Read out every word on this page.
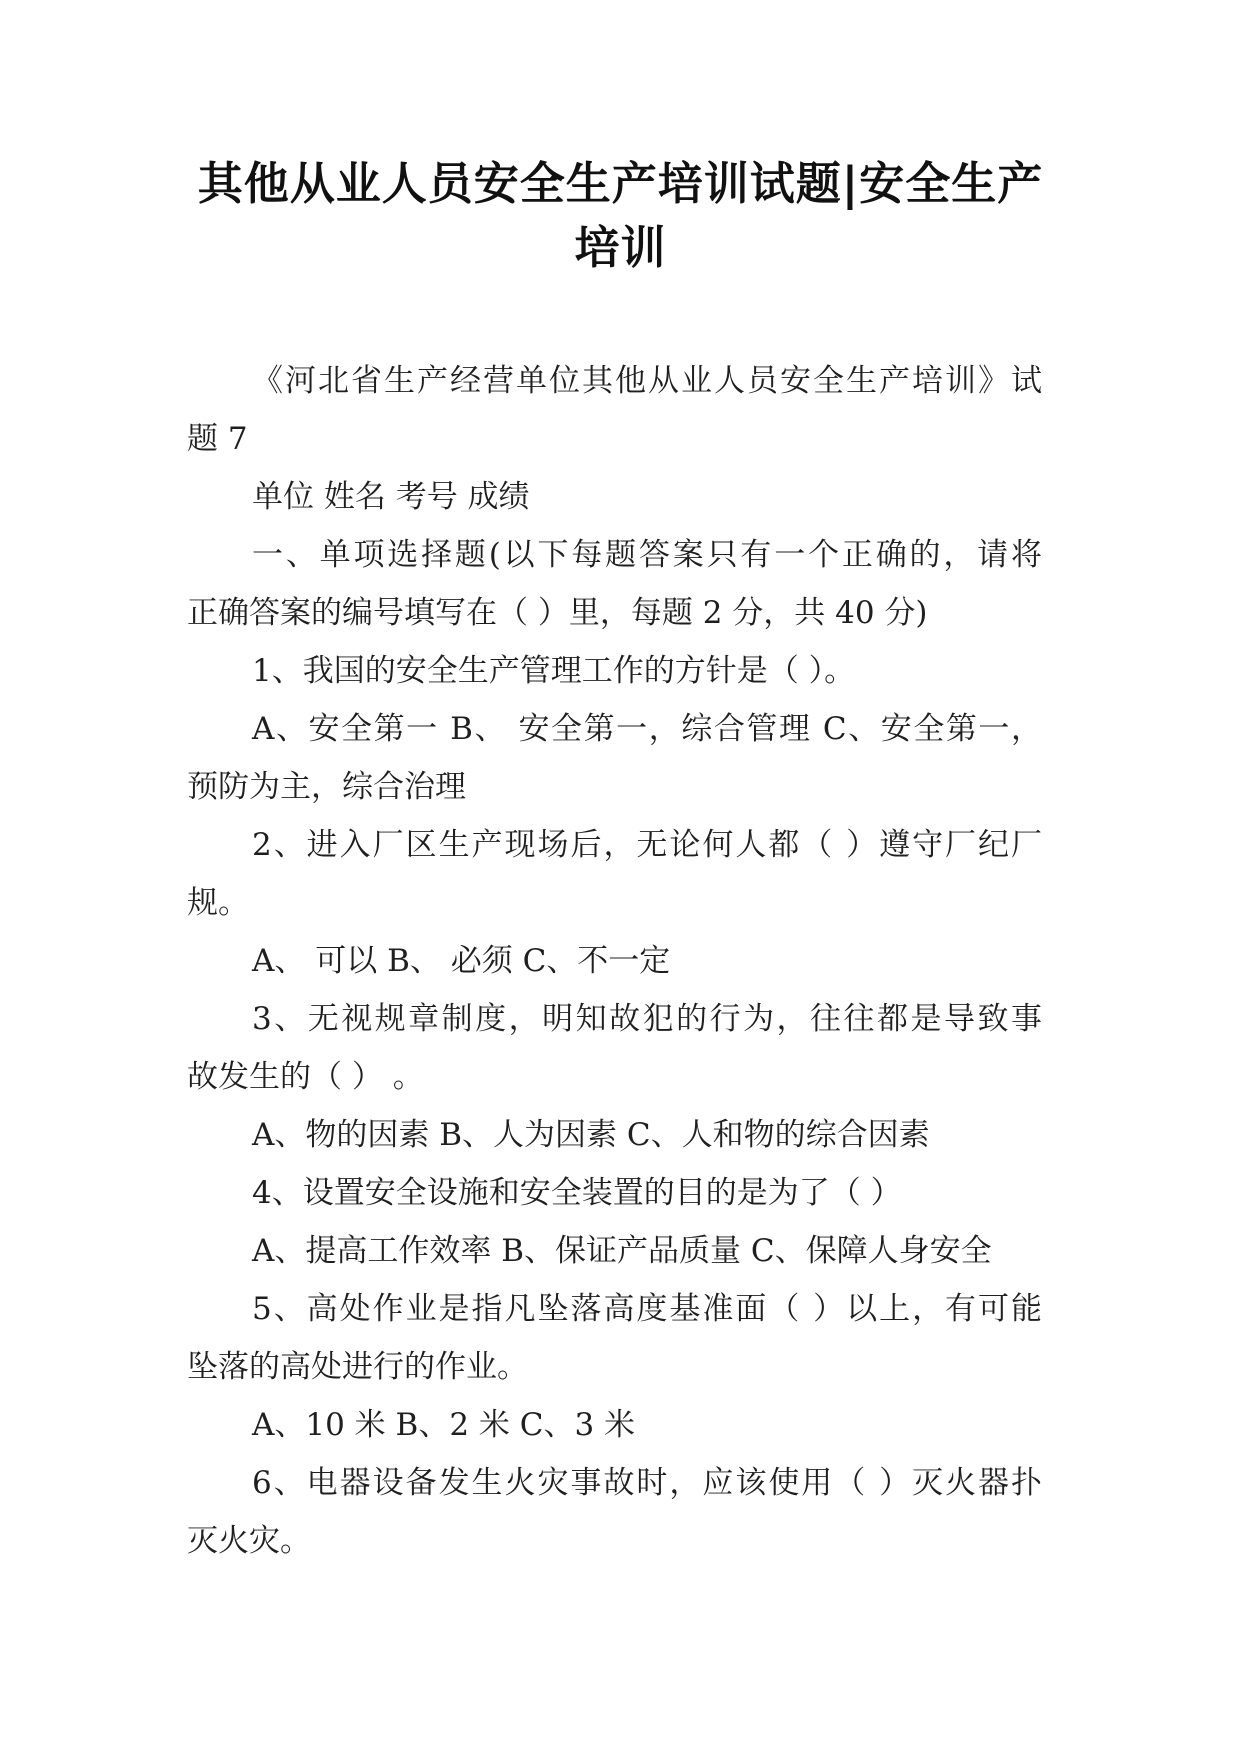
其他从业人员安全生产培训试题|安全生产
培训
《河北省生产经营单位其他从业人员安全生产培训》试
题 7
单位 姓名 考号 成绩
一、单项选择题(以下每题答案只有一个正确的，请将
正确答案的编号填写在（ ）里，每题 2 分，共 40 分)
1、我国的安全生产管理工作的方针是（ ）。
A、安全第一 B、 安全第一，综合管理 C、安全第一，
预防为主，综合治理
2、进入厂区生产现场后，无论何人都（ ）遵守厂纪厂
规。
A、 可以 B、 必须 C、不一定
3、无视规章制度，明知故犯的行为，往往都是导致事
故发生的（ ） 。
A、物的因素 B、人为因素 C、人和物的综合因素
4、设置安全设施和安全装置的目的是为了（ ）
A、提高工作效率 B、保证产品质量 C、保障人身安全
5、高处作业是指凡坠落高度基准面（ ）以上，有可能
坠落的高处进行的作业。
A、10 米 B、2 米 C、3 米
6、电器设备发生火灾事故时，应该使用（ ）灭火器扑
灭火灾。
